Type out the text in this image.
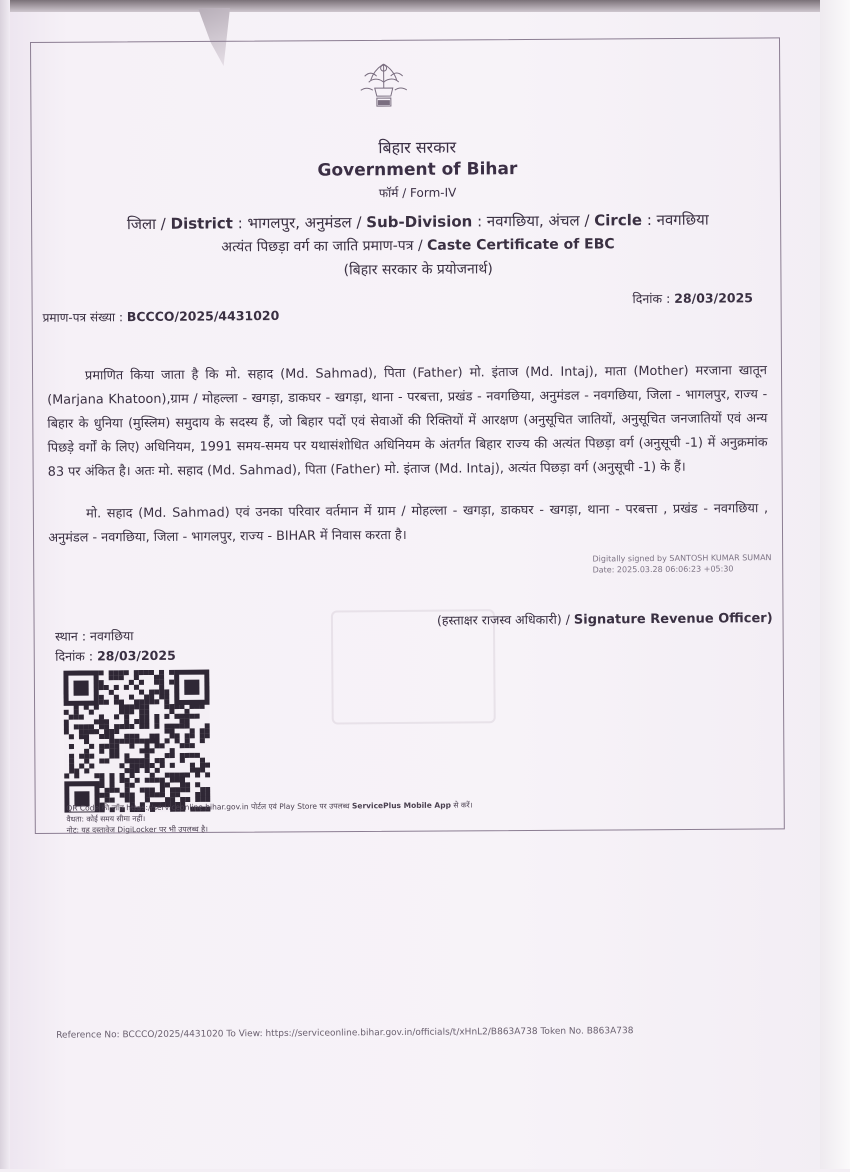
बिहार सरकार
Government of Bihar
फॉर्म / Form-IV
जिला / District : भागलपुर, अनुमंडल / Sub-Division : नवगछिया, अंचल / Circle : नवगछिया
अत्यंत पिछड़ा वर्ग का जाति प्रमाण-पत्र / Caste Certificate of EBC
(बिहार सरकार के प्रयोजनार्थ)
प्रमाण-पत्र संख्या : BCCCO/2025/4431020
दिनांक : 28/03/2025
प्रमाणित किया जाता है कि मो. सहाद (Md. Sahmad), पिता (Father) मो. इंताज (Md. Intaj), माता (Mother) मरजाना खातून (Marjana Khatoon),ग्राम / मोहल्ला - खगड़ा, डाकघर - खगड़ा, थाना - परबत्ता, प्रखंड - नवगछिया, अनुमंडल - नवगछिया, जिला - भागलपुर, राज्य - बिहार के धुनिया (मुस्लिम) समुदाय के सदस्य हैं, जो बिहार पदों एवं सेवाओं की रिक्तियों में आरक्षण (अनुसूचित जातियों, अनुसूचित जनजातियों एवं अन्य पिछड़े वर्गों के लिए) अधिनियम, 1991 समय-समय पर यथासंशोधित अधिनियम के अंतर्गत बिहार राज्य की अत्यंत पिछड़ा वर्ग (अनुसूची -1) में अनुक्रमांक 83 पर अंकित है। अतः मो. सहाद (Md. Sahmad), पिता (Father) मो. इंताज (Md. Intaj), अत्यंत पिछड़ा वर्ग (अनुसूची -1) के हैं।
मो. सहाद (Md. Sahmad) एवं उनका परिवार वर्तमान में ग्राम / मोहल्ला - खगड़ा, डाकघर - खगड़ा, थाना - परबत्ता , प्रखंड - नवगछिया , अनुमंडल - नवगछिया, जिला - भागलपुर, राज्य - BIHAR में निवास करता है।
Digitally signed by SANTOSH KUMAR SUMAN
Date: 2025.03.28 06:06:23 +05:30
(हस्ताक्षर राजस्व अधिकारी) / Signature Revenue Officer)
स्थान : नवगछिया
दिनांक : 28/03/2025
QR Code की जाँच https://serviceonline.bihar.gov.in पोर्टल एवं Play Store पर उपलब्ध ServicePlus Mobile App से करें।
वैधता: कोई समय सीमा नहीं।
नोट: यह दस्तावेज DigiLocker पर भी उपलब्ध है।
Reference No: BCCCO/2025/4431020 To View: https://serviceonline.bihar.gov.in/officials/t/xHnL2/B863A738 Token No. B863A738
